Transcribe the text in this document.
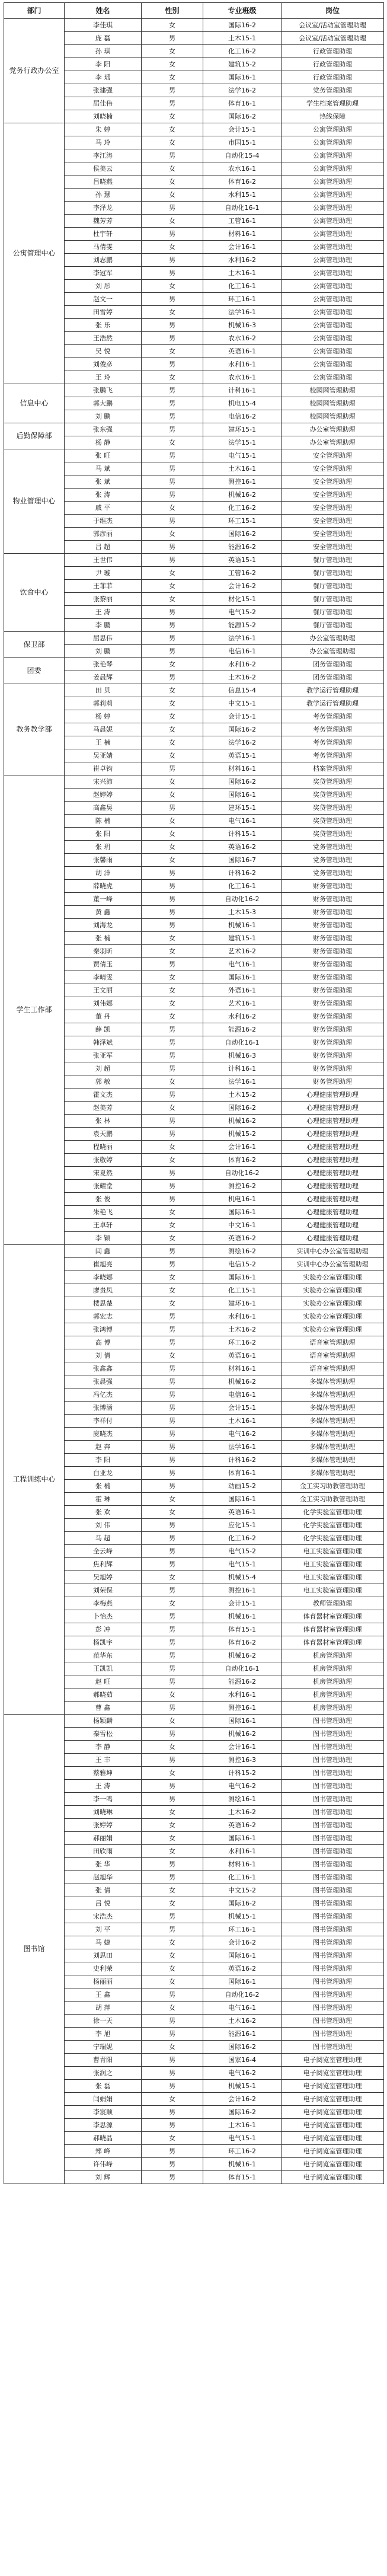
部门	姓名	性别	专业班级	岗位
党务行政办公室	李佳琪	女	国际16-2	会议室/活动室管理助理
	庞 磊	男	土木15-1	会议室/活动室管理助理
	孙 琪	女	化工16-2	行政管理助理
	李 阳	女	建筑15-2	行政管理助理
	李 瑶	女	国际16-1	行政管理助理
	张建强	男	法学16-2	党务管理助理
	屈佳伟	男	体育16-1	学生档案管理助理
	刘晓楠	女	国际16-2	热线保障
公寓管理中心	朱 婷	女	会计15-1	公寓管理助理
	马 玲	女	市国15-1	公寓管理助理
	李江涛	男	自动化15-4	公寓管理助理
	侯美云	女	农水16-1	公寓管理助理
	吕晓燕	女	体育16-2	公寓管理助理
	孙 慧	女	水利15-1	公寓管理助理
	李泽龙	男	自动化16-1	公寓管理助理
	魏芳芳	女	工管16-1	公寓管理助理
	杜宇轩	男	材料16-1	公寓管理助理
	马倩雯	女	会计16-1	公寓管理助理
	刘志鹏	男	水利16-2	公寓管理助理
	李冠军	男	土木16-1	公寓管理助理
	刘 彤	女	化工16-1	公寓管理助理
	赵文一	男	环工16-1	公寓管理助理
	田雪婷	女	法学16-1	公寓管理助理
	张 乐	男	机械16-3	公寓管理助理
	王浩然	男	农水16-2	公寓管理助理
	吴 悦	女	英语16-1	公寓管理助理
	刘俊彦	男	水利16-1	公寓管理助理
	王 玲	女	农水16-1	公寓管理助理
信息中心	张鹏飞	男	计科16-1	校园网管理助理
	郭大鹏	男	机电15-4	校园网管理助理
	刘 鹏	男	电信16-2	校园网管理助理
后勤保障部	张东强	男	建环15-1	办公室管理助理
	杨 静	女	法学15-1	办公室管理助理
物业管理中心	张 旺	男	电气15-1	安全管理助理
	马 斌	男	土木16-1	安全管理助理
	张 斌	男	测控16-1	安全管理助理
	张 涛	男	机械16-2	安全管理助理
	戚 平	女	化工16-2	安全管理助理
	于维杰	男	环工15-1	安全管理助理
	郭彦丽	女	国际16-2	安全管理助理
	吕 超	男	能源16-2	安全管理助理
饮食中心	王世伟	男	英语15-1	餐厅管理助理
	尹 璇	女	工管16-2	餐厅管理助理
	王菲菲	女	会计16-2	餐厅管理助理
	张黎丽	女	材化15-1	餐厅管理助理
	王 涛	男	电气15-2	餐厅管理助理
	李 鹏	男	能源15-2	餐厅管理助理
保卫部	屈思伟	男	法学16-1	办公室管理助理
	刘 鹏	男	电信16-1	办公室管理助理
团委	张艳琴	女	水利16-2	团务管理助理
	姜晨辉	男	土木16-2	团务管理助理
教务教学部	田 贝	女	信息15-4	教学运行管理助理
	郭莉莉	女	中文15-1	教学运行管理助理
	杨 婷	女	会计15-1	考务管理助理
	马晨妮	女	国际16-2	考务管理助理
	王 楠	女	法学16-2	考务管理助理
	吴亚婧	女	英语15-1	考务管理助理
	崔卓钧	男	材料16-1	档案管理助理
学生工作部	宋兴沛	女	国际16-2	奖贷管理助理
	赵婷婷	女	国际16-1	奖贷管理助理
	高鑫昊	男	建环15-1	奖贷管理助理
	陈 楠	女	电气16-1	奖贷管理助理
	张 阳	女	计科15-1	奖贷管理助理
	张 玥	女	英语16-2	党务管理助理
	张馨雨	女	国际16-7	党务管理助理
	胡 洋	男	计科16-2	党务管理助理
	薛晓虎	男	化工16-1	财务管理助理
	董一峰	男	自动化16-2	财务管理助理
	黄 鑫	男	土木15-3	财务管理助理
	刘海龙	男	机械16-1	财务管理助理
	张 楠	女	建筑15-1	财务管理助理
	秦羽昕	女	艺术16-2	财务管理助理
	贾倩玉	男	电气16-1	财务管理助理
	李晴雯	女	国际16-1	财务管理助理
	王文丽	女	外语16-1	财务管理助理
	刘伟娜	女	艺术16-1	财务管理助理
	董 丹	女	水利16-2	财务管理助理
	薛 凯	男	能源16-2	财务管理助理
	韩泽斌	男	自动化16-1	财务管理助理
	张亚军	男	机械16-3	财务管理助理
	刘 超	男	计科16-1	财务管理助理
	郭 敏	女	法学16-1	财务管理助理
	霍文杰	男	土木15-2	心理健康管理助理
	赵美芳	女	国际16-2	心理健康管理助理
	张 林	男	机械16-2	心理健康管理助理
	袁天鹏	男	机械15-2	心理健康管理助理
	程晓丽	女	会计16-1	心理健康管理助理
	张敬婷	女	体育16-2	心理健康管理助理
	宋夏然	男	自动化16-2	心理健康管理助理
	张耀堂	男	测控16-2	心理健康管理助理
	张 俊	男	机电16-1	心理健康管理助理
	朱艳飞	女	国际16-1	心理健康管理助理
	王卓轩	女	中文16-1	心理健康管理助理
	李 颖	女	英语16-2	心理健康管理助理
工程训练中心	闫 鑫	男	测绘16-2	实训中心办公室管理助理
	崔旭亮	男	电信15-2	实训中心办公室管理助理
	李晓娜	女	国际16-1	实验办公室管理助理
	廖贵凤	女	化工15-1	实验办公室管理助理
	楼思楚	女	建环16-1	实验办公室管理助理
	郭宏志	男	水利16-1	实验办公室管理助理
	张鸿博	男	土木16-2	实验办公室管理助理
	高 博	男	环工16-2	语音室管理助理
	刘 倩	女	英语16-1	语音室管理助理
	张鑫鑫	男	材料16-1	语音室管理助理
	张晨强	男	机械16-2	多媒体管理助理
	冯亿杰	男	电信16-1	多媒体管理助理
	张博涵	男	会计15-1	多媒体管理助理
	李祥付	男	土木16-1	多媒体管理助理
	庞晓杰	男	电气16-2	多媒体管理助理
	赵 奔	男	法学16-1	多媒体管理助理
	李 阳	男	计科16-2	多媒体管理助理
	白亚龙	男	体育16-1	多媒体管理助理
	张 楠	男	动画15-2	金工实习助教管理助理
	霍 琳	女	国际16-1	金工实习助教管理助理
	张 欢	女	英语16-1	化学实验室管理助理
	刘 伟	男	应化15-1	化学实验室管理助理
	马 超	男	化工16-2	化学实验室管理助理
	全云峰	男	电气15-2	电工实验室管理助理
	焦利辉	男	电气15-1	电工实验室管理助理
	吴旭婷	女	机械15-4	电工实验室管理助理
	刘荣保	男	测控16-1	电工实验室管理助理
	李梅燕	女	会计15-1	教师管理助理
	卜怡杰	男	机械16-1	体育器材室管理助理
	彭 冲	男	体育15-1	体育器材室管理助理
	杨凯宇	男	体育16-2	体育器材室管理助理
	范华东	男	机械16-2	机房管理助理
	王凯凯	男	自动化16-1	机房管理助理
	赵 旺	男	能源16-2	机房管理助理
	郝晓茹	女	水利16-1	机房管理助理
	曹 鑫	男	测控16-1	机房管理助理
图书馆	杨颖麟	女	国际16-1	图书管理助理
	秦雪松	男	机械16-2	图书管理助理
	李 静	女	会计16-1	图书管理助理
	王 丰	男	测控16-3	图书管理助理
	蔡雅坤	女	计科15-2	图书管理助理
	王 涛	男	电气16-2	图书管理助理
	李一鸣	男	测绘16-1	图书管理助理
	刘晓琳	女	土木16-2	图书管理助理
	张婷婷	女	英语16-2	图书管理助理
	郝丽娟	女	国际16-1	图书管理助理
	田欣雨	女	水利16-1	图书管理助理
	张 华	男	材料16-1	图书管理助理
	赵旭华	男	化工16-1	图书管理助理
	张 倩	女	中文15-2	图书管理助理
	吕 悦	女	国际16-2	图书管理助理
	宋浩杰	男	机械15-1	图书管理助理
	刘 平	男	环工16-1	图书管理助理
	马 婕	女	会计16-2	图书管理助理
	刘思田	女	国际16-1	图书管理助理
	史利荣	女	英语16-2	图书管理助理
	杨丽丽	女	国际16-1	图书管理助理
	王 鑫	男	自动化16-2	图书管理助理
	胡 萍	女	电气16-1	图书管理助理
	徐一天	男	土木16-2	图书管理助理
	李 旭	男	能源16-1	图书管理助理
	宁瑞妮	女	国际16-2	图书管理助理
	曹青阳	男	国家16-4	电子阅览室管理助理
	张润之	男	电气16-2	电子阅览室管理助理
	张 磊	男	机械15-1	电子阅览室管理助理
	闫娟娟	女	会计16-2	电子阅览室管理助理
	李宸顺	男	国际16-2	电子阅览室管理助理
	李思源	男	土木16-1	电子阅览室管理助理
	郝晓晶	女	电气15-1	电子阅览室管理助理
	郑 峰	男	环工16-2	电子阅览室管理助理
	许伟峰	男	机械16-1	电子阅览室管理助理
	刘 辉	男	体育15-1	电子阅览室管理助理
